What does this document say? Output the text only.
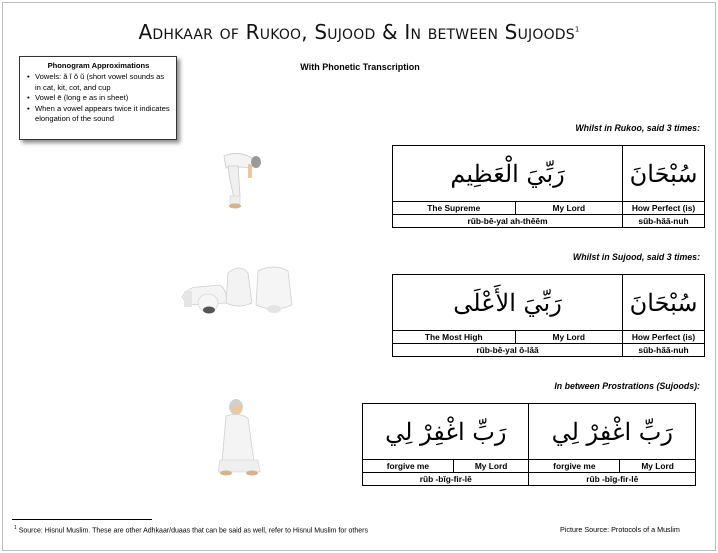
Adhkaar of Rukoo, Sujood & In between Sujoods$^1$
With Phonetic Transcription
Phonogram Approximations
• Vowels: ă ĭ ŏ ŭ (short vowel sounds as in cat, kit, cot, and cup
• Vowel ē (long e as in sheet)
• When a vowel appears twice it indicates elongation of the sound
Whilst in Rukoo, said 3 times:
رَبِّيَ الْعَظِيم		سُبْحَانَ
The Supreme	My Lord	How Perfect (is)
rŭb-bē-yal ah-thēēm		sŭb-hăă-nuh
Whilst in Sujood, said 3 times:
رَبِّيَ الأَعْلَى		سُبْحَانَ
The Most High	My Lord	How Perfect (is)
rŭb-bē-yal ŏ-lăă		sŭb-hăă-nuh
In between Prostrations (Sujoods):
رَبِّ اغْفِرْ لِي		رَبِّ اغْفِرْ لِي	
forgive me	My Lord	forgive me	My Lord
rŭb -bĭg-fir-lē		rŭb -bĭg-fir-lē	
$^1$ Source: Hisnul Muslim. These are other Adhkaar/duaas that can be said as well, refer to Hisnul Muslim for others	Picture Source: Protocols of a Muslim
